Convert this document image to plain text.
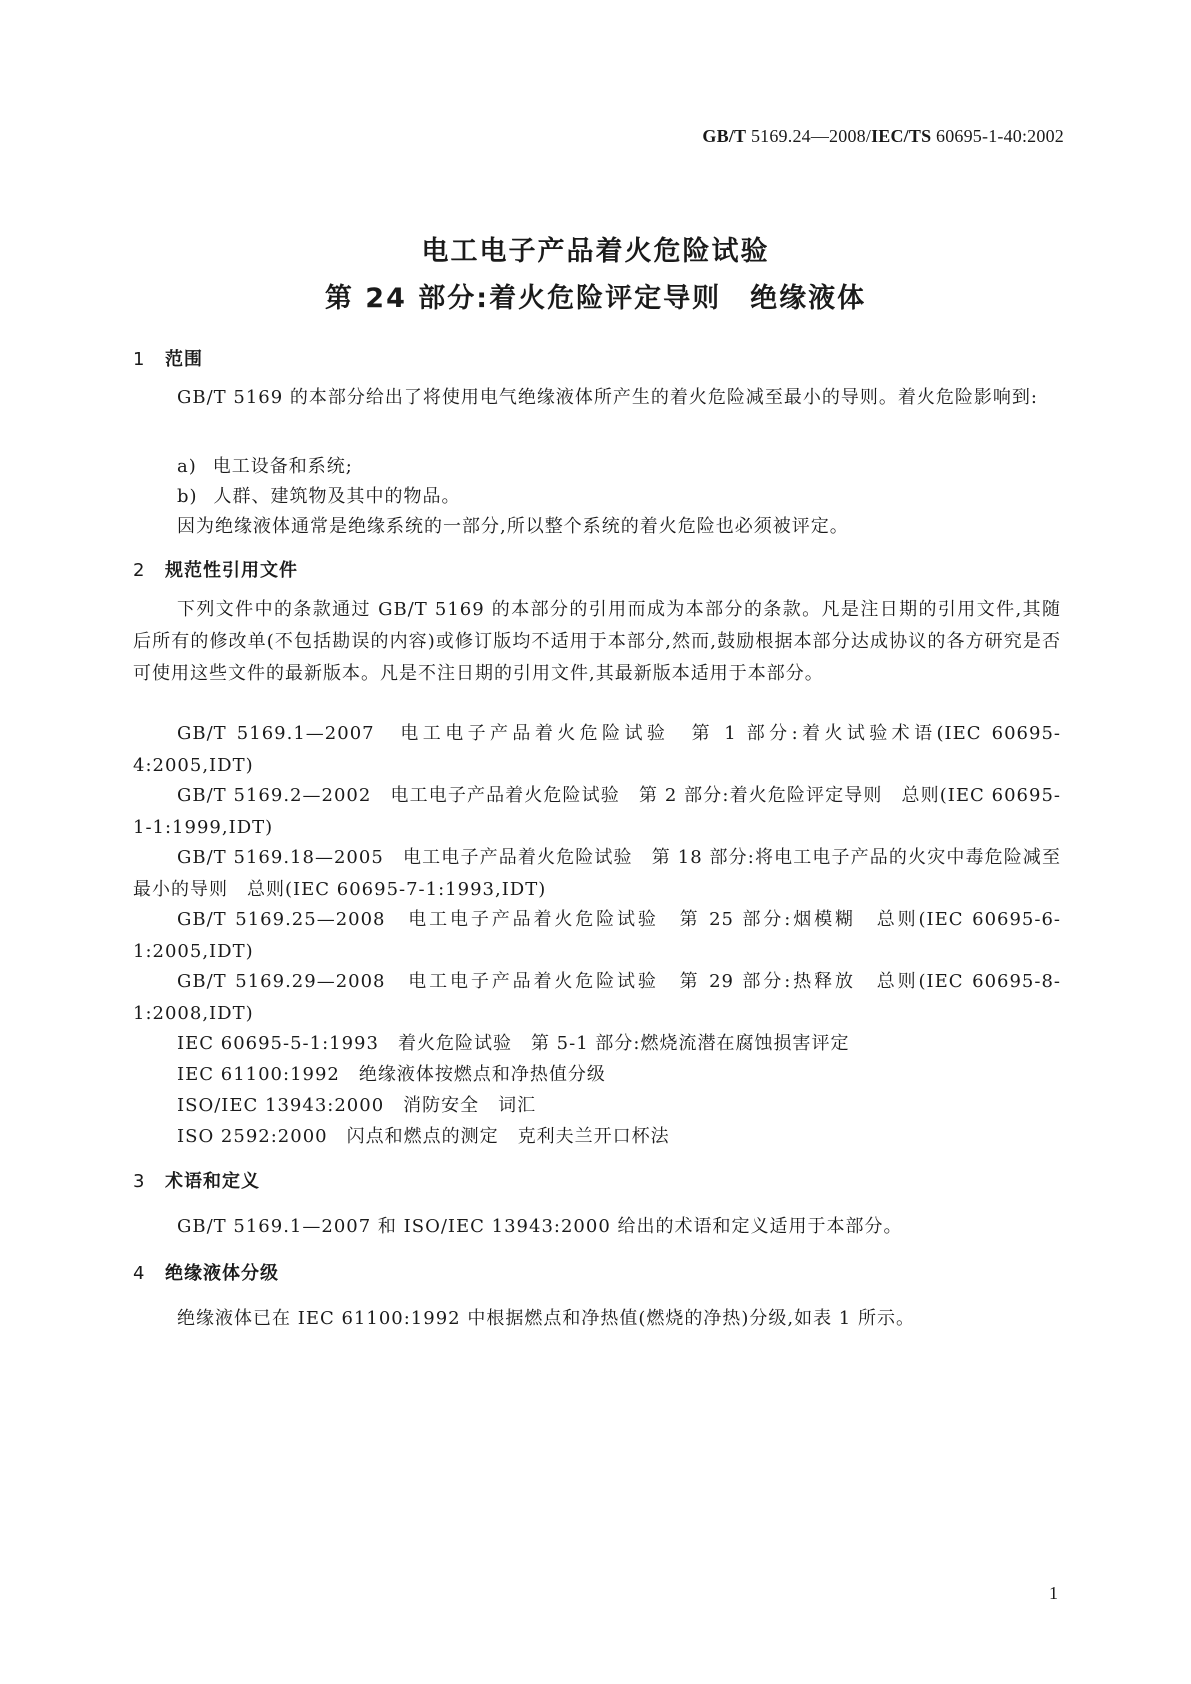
GB/T 5169.24—2008/IEC/TS 60695-1-40:2002
电工电子产品着火危险试验
第 24 部分:着火危险评定导则　绝缘液体
1 范围

GB/T 5169 的本部分给出了将使用电气绝缘液体所产生的着火危险减至最小的导则。着火危险影响到:

a) 电工设备和系统;
b) 人群、建筑物及其中的物品。
因为绝缘液体通常是绝缘系统的一部分,所以整个系统的着火危险也必须被评定。
2 规范性引用文件

下列文件中的条款通过 GB/T 5169 的本部分的引用而成为本部分的条款。凡是注日期的引用文件,其随后所有的修改单(不包括勘误的内容)或修订版均不适用于本部分,然而,鼓励根据本部分达成协议的各方研究是否可使用这些文件的最新版本。凡是不注日期的引用文件,其最新版本适用于本部分。

GB/T 5169.1—2007　电工电子产品着火危险试验　第 1 部分:着火试验术语(IEC 60695-4:2005,IDT)

GB/T 5169.2—2002　电工电子产品着火危险试验　第 2 部分:着火危险评定导则　总则(IEC 60695-1-1:1999,IDT)

GB/T 5169.18—2005　电工电子产品着火危险试验　第 18 部分:将电工电子产品的火灾中毒危险减至最小的导则　总则(IEC 60695-7-1:1993,IDT)

GB/T 5169.25—2008　电工电子产品着火危险试验　第 25 部分:烟模糊　总则(IEC 60695-6-1:2005,IDT)

GB/T 5169.29—2008　电工电子产品着火危险试验　第 29 部分:热释放　总则(IEC 60695-8-1:2008,IDT)

IEC 60695-5-1:1993　着火危险试验　第 5-1 部分:燃烧流潜在腐蚀损害评定
IEC 61100:1992　绝缘液体按燃点和净热值分级
ISO/IEC 13943:2000　消防安全　词汇
ISO 2592:2000　闪点和燃点的测定　克利夫兰开口杯法
3 术语和定义
GB/T 5169.1—2007 和 ISO/IEC 13943:2000 给出的术语和定义适用于本部分。
4 绝缘液体分级
绝缘液体已在 IEC 61100:1992 中根据燃点和净热值(燃烧的净热)分级,如表 1 所示。
1
